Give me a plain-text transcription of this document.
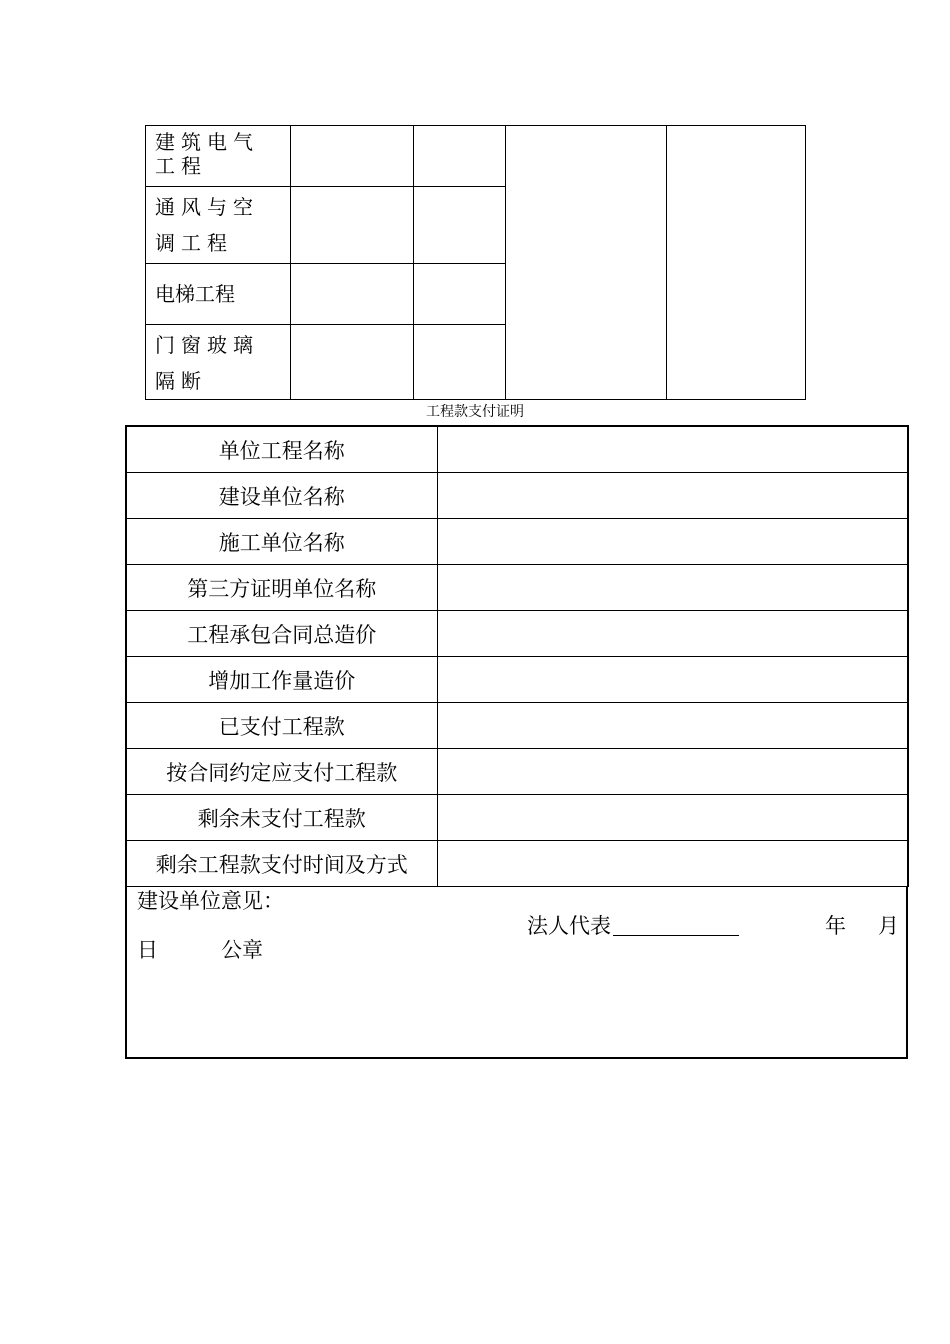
建筑电气工程				
通风与空调工程				
电梯工程				
门窗玻璃隔断				
工程款支付证明
单位工程名称	
建设单位名称	
施工单位名称	
第三方证明单位名称	
工程承包合同总造价	
增加工作量造价	
已支付工程款	
按合同约定应支付工程款	
剩余未支付工程款	
剩余工程款支付时间及方式	
建设单位意见：
法人代表	年 月
日	公章
